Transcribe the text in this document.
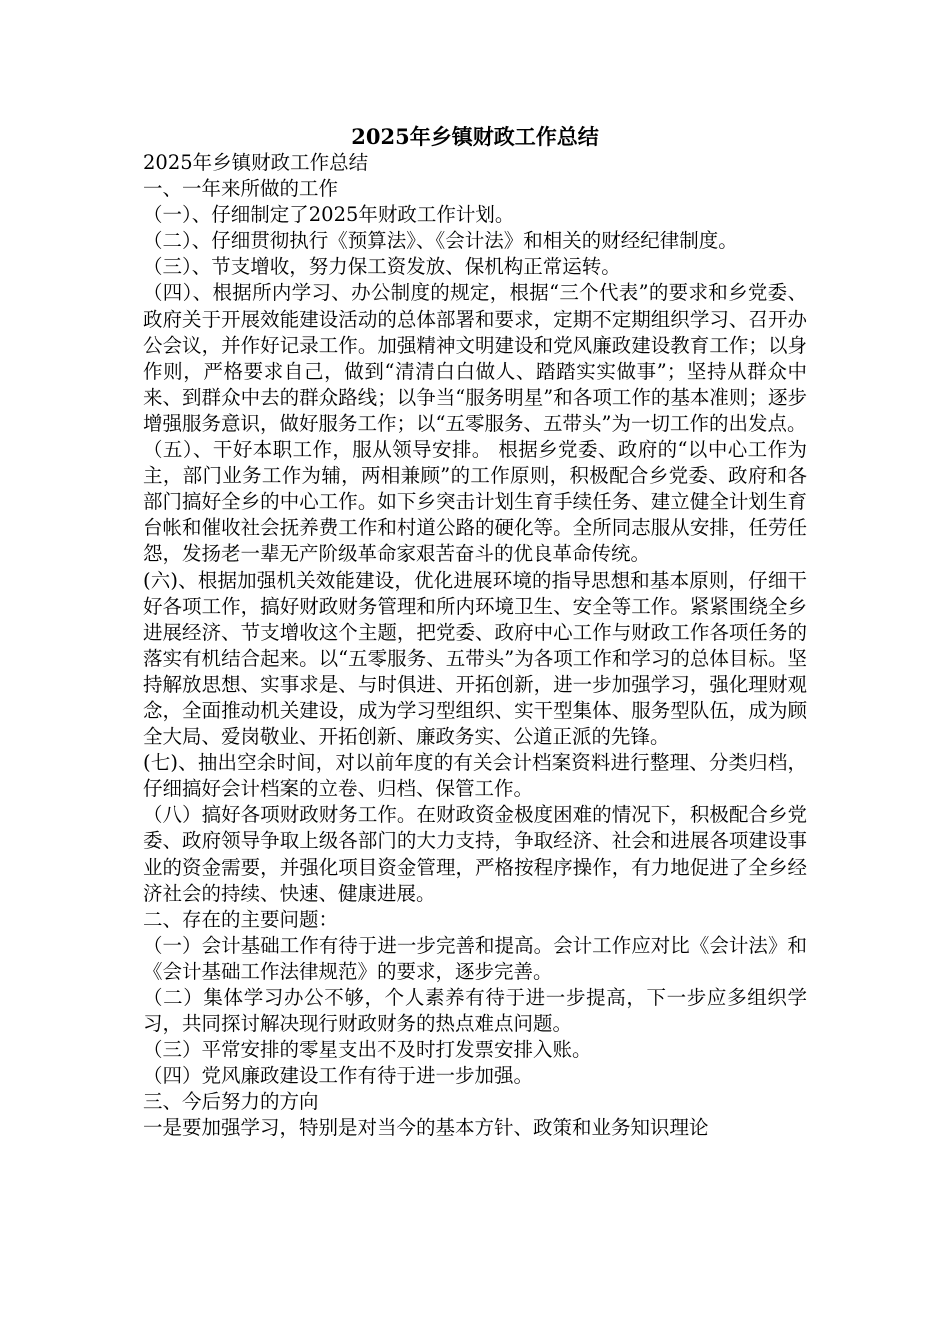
2025年乡镇财政工作总结

2025年乡镇财政工作总结

一、一年来所做的工作

（一）、仔细制定了2025年财政工作计划。

（二）、仔细贯彻执行《预算法》、《会计法》和相关的财经纪律制度。

（三）、节支增收，努力保工资发放、保机构正常运转。

（四）、根据所内学习、办公制度的规定，根据“三个代表”的要求和乡党委、政府关于开展效能建设活动的总体部署和要求，定期不定期组织学习、召开办公会议，并作好记录工作。加强精神文明建设和党风廉政建设教育工作；以身作则，严格要求自己，做到“清清白白做人、踏踏实实做事”；坚持从群众中来、到群众中去的群众路线；以争当“服务明星”和各项工作的基本准则；逐步增强服务意识，做好服务工作；以“五零服务、五带头”为一切工作的出发点。

（五）、干好本职工作，服从领导安排。 根据乡党委、政府的“以中心工作为主，部门业务工作为辅，两相兼顾”的工作原则，积极配合乡党委、政府和各部门搞好全乡的中心工作。如下乡突击计划生育手续任务、建立健全计划生育台帐和催收社会抚养费工作和村道公路的硬化等。全所同志服从安排，任劳任怨，发扬老一辈无产阶级革命家艰苦奋斗的优良革命传统。

(六)、根据加强机关效能建设，优化进展环境的指导思想和基本原则，仔细干好各项工作，搞好财政财务管理和所内环境卫生、安全等工作。紧紧围绕全乡进展经济、节支增收这个主题，把党委、政府中心工作与财政工作各项任务的落实有机结合起来。以“五零服务、五带头”为各项工作和学习的总体目标。坚持解放思想、实事求是、与时俱进、开拓创新，进一步加强学习，强化理财观念，全面推动机关建设，成为学习型组织、实干型集体、服务型队伍，成为顾全大局、爱岗敬业、开拓创新、廉政务实、公道正派的先锋。

(七)、抽出空余时间，对以前年度的有关会计档案资料进行整理、分类归档，仔细搞好会计档案的立卷、归档、保管工作。

（八）搞好各项财政财务工作。在财政资金极度困难的情况下，积极配合乡党委、政府领导争取上级各部门的大力支持，争取经济、社会和进展各项建设事业的资金需要，并强化项目资金管理，严格按程序操作，有力地促进了全乡经济社会的持续、快速、健康进展。

二、存在的主要问题：

（一）会计基础工作有待于进一步完善和提高。会计工作应对比《会计法》和《会计基础工作法律规范》的要求，逐步完善。

（二）集体学习办公不够，个人素养有待于进一步提高，下一步应多组织学习，共同探讨解决现行财政财务的热点难点问题。

（三）平常安排的零星支出不及时打发票安排入账。

（四）党风廉政建设工作有待于进一步加强。

三、今后努力的方向

一是要加强学习，特别是对当今的基本方针、政策和业务知识理论
